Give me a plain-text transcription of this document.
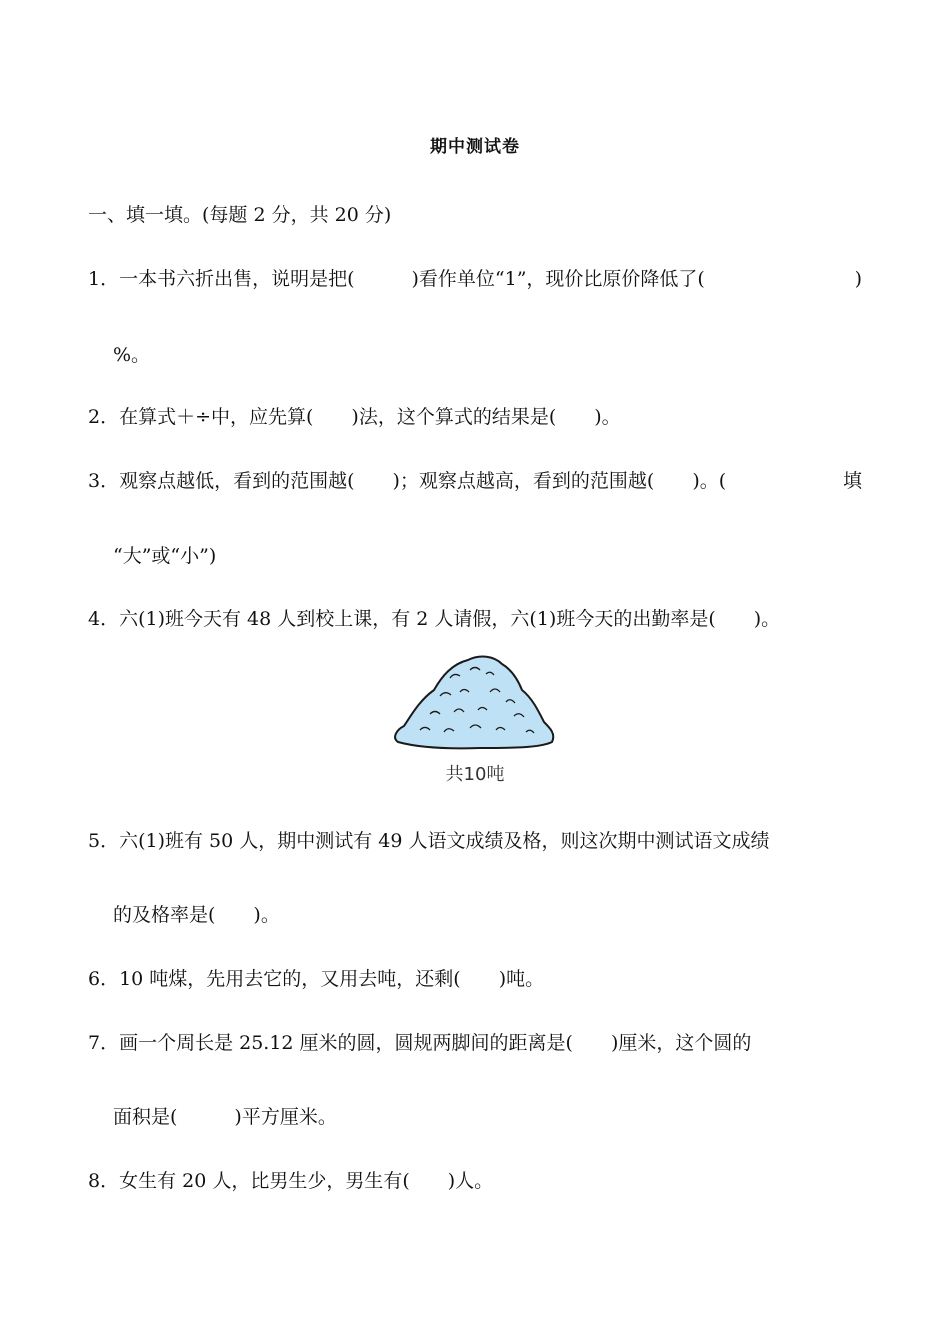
期中测试卷
一、填一填。(每题 2 分，共 20 分)
1．一本书六折出售，说明是把(　　　)看作单位“1”，现价比原价降低了(	)
%。
2．在算式＋÷中，应先算(　　)法，这个算式的结果是(　　)。
3．观察点越低，看到的范围越(　　)；观察点越高，看到的范围越(　　)。(	填
“大”或“小”)
4．六(1)班今天有 48 人到校上课，有 2 人请假，六(1)班今天的出勤率是(　　)。
共10吨
5．六(1)班有 50 人，期中测试有 49 人语文成绩及格，则这次期中测试语文成绩
的及格率是(　　)。
6．10 吨煤，先用去它的，又用去吨，还剩(　　)吨。
7．画一个周长是 25.12 厘米的圆，圆规两脚间的距离是(　　)厘米，这个圆的
面积是(　　　)平方厘米。
8．女生有 20 人，比男生少，男生有(　　)人。
